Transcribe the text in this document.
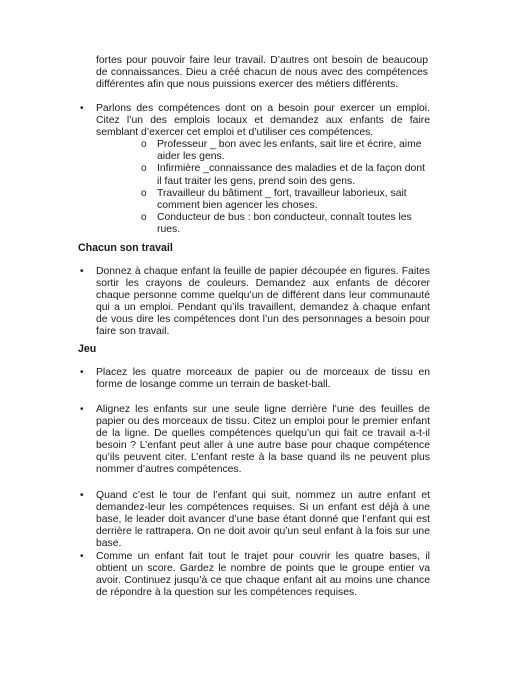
fortes pour pouvoir faire leur travail. D’autres ont besoin de beaucoup de connaissances. Dieu a créé chacun de nous avec des compétences différentes afin que nous puissions exercer des métiers différents.

• Parlons des compétences dont on a besoin pour exercer un emploi. Citez l’un des emplois locaux et demandez aux enfants de faire semblant d’exercer cet emploi et d’utiliser ces compétences.

o Professeur _ bon avec les enfants, sait lire et écrire, aime aider les gens.

o Infirmière _connaissance des maladies et de la façon dont il faut traiter les gens, prend soin des gens.

o Travailleur du bâtiment _ fort, travailleur laborieux, sait comment bien agencer les choses.

o Conducteur de bus : bon conducteur, connaît toutes les rues.

Chacun son travail

• Donnez à chaque enfant la feuille de papier découpée en figures. Faites sortir les crayons de couleurs. Demandez aux enfants de décorer chaque personne comme quelqu’un de différent dans leur communauté qui a un emploi. Pendant qu’ils travaillent, demandez à chaque enfant de vous dire les compétences dont l’un des personnages a besoin pour faire son travail.

Jeu

• Placez les quatre morceaux de papier ou de morceaux de tissu en forme de losange comme un terrain de basket-ball.

• Alignez les enfants sur une seule ligne derrière l’une des feuilles de papier ou des morceaux de tissu. Citez un emploi pour le premier enfant de la ligne. De quelles compétences quelqu’un qui fait ce travail a-t-il besoin ? L’enfant peut aller à une autre base pour chaque compétence qu’ils peuvent citer. L’enfant reste à la base quand ils ne peuvent plus nommer d’autres compétences.

• Quand c’est le tour de l’enfant qui suit, nommez un autre enfant et demandez-leur les compétences requises. Si un enfant est déjà à une base, le leader doit avancer d’une base étant donné que l’enfant qui est derrière le rattrapera. On ne doit avoir qu’un seul enfant à la fois sur une base.

• Comme un enfant fait tout le trajet pour couvrir les quatre bases, il obtient un score. Gardez le nombre de points que le groupe entier va avoir. Continuez jusqu’à ce que chaque enfant ait au moins une chance de répondre à la question sur les compétences requises.
